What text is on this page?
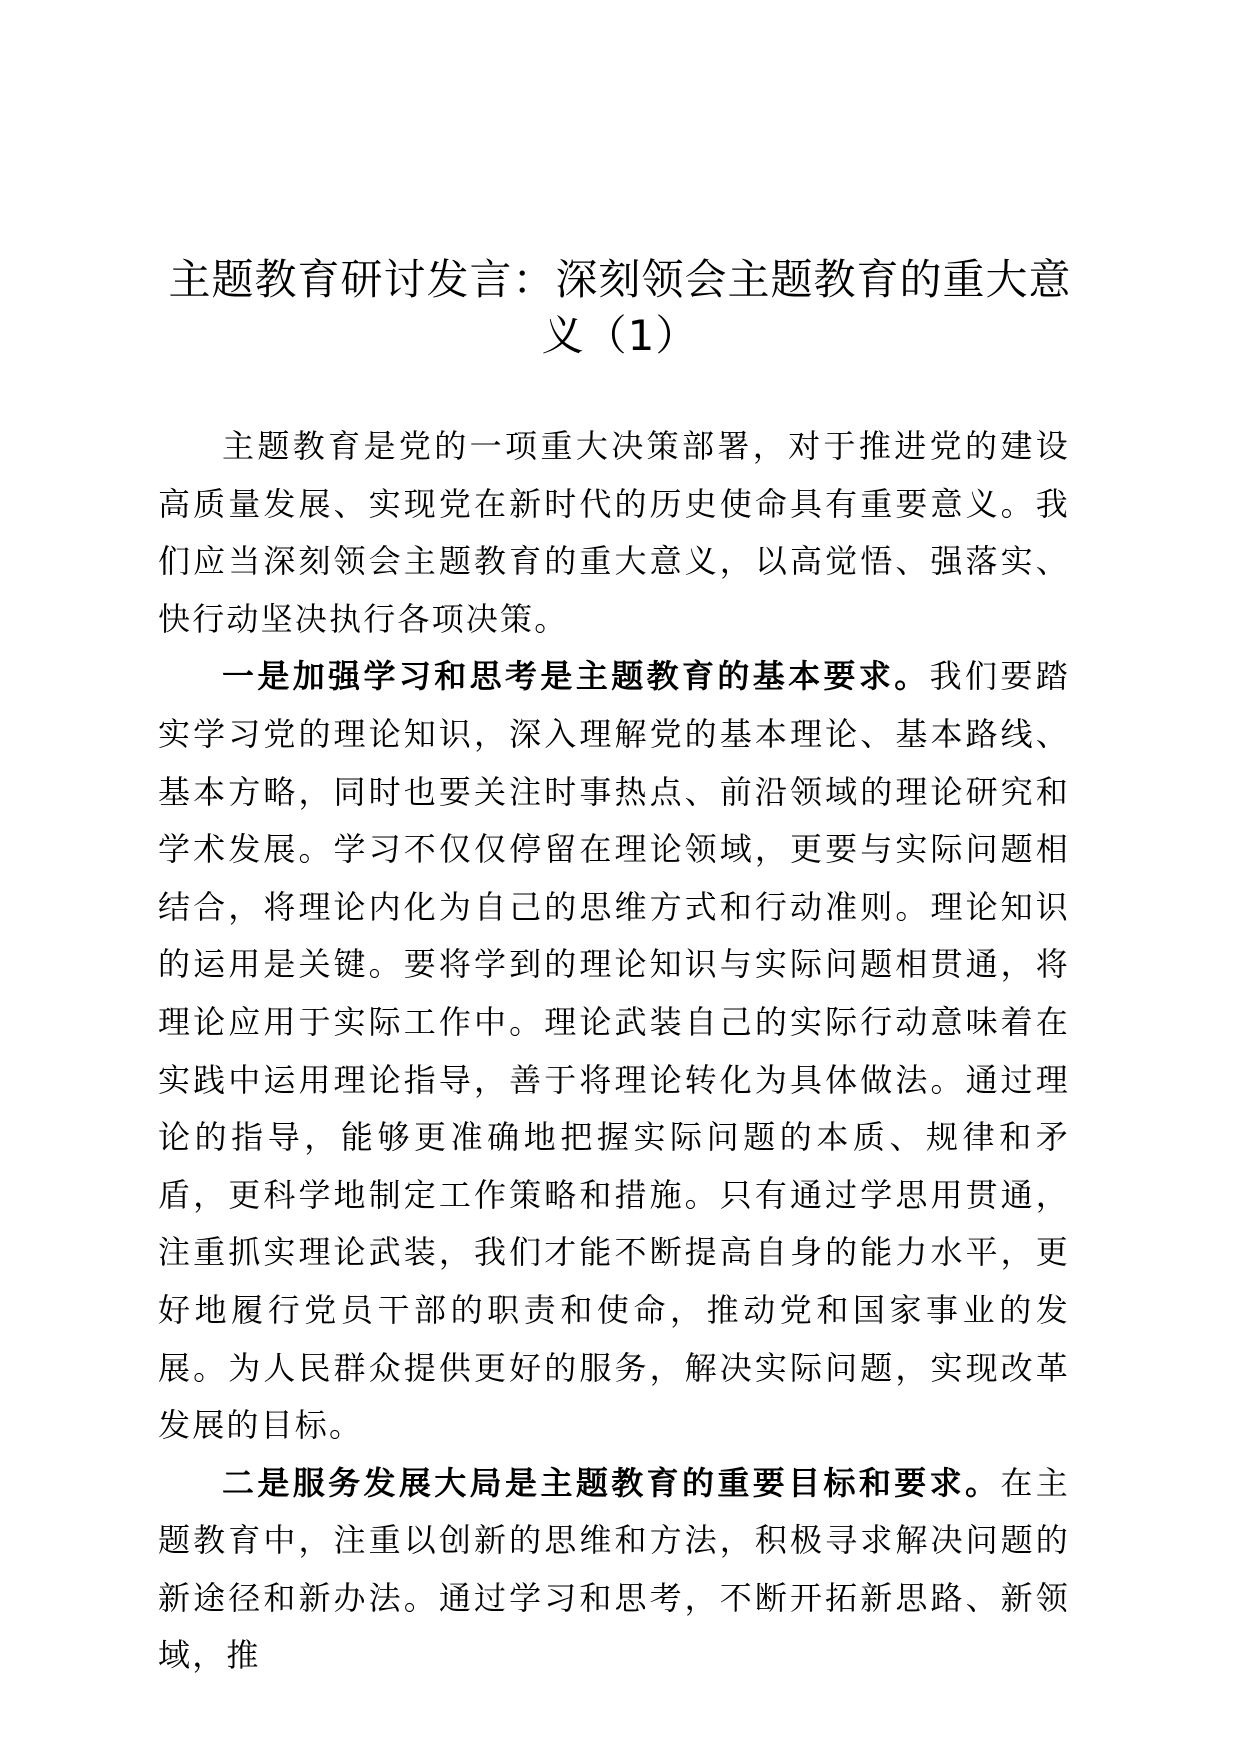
主题教育研讨发言：深刻领会主题教育的重大意义（1）

主题教育是党的一项重大决策部署，对于推进党的建设高质量发展、实现党在新时代的历史使命具有重要意义。我们应当深刻领会主题教育的重大意义，以高觉悟、强落实、快行动坚决执行各项决策。

一是加强学习和思考是主题教育的基本要求。我们要踏实学习党的理论知识，深入理解党的基本理论、基本路线、基本方略，同时也要关注时事热点、前沿领域的理论研究和学术发展。学习不仅仅停留在理论领域，更要与实际问题相结合，将理论内化为自己的思维方式和行动准则。理论知识的运用是关键。要将学到的理论知识与实际问题相贯通，将理论应用于实际工作中。理论武装自己的实际行动意味着在实践中运用理论指导，善于将理论转化为具体做法。通过理论的指导，能够更准确地把握实际问题的本质、规律和矛盾，更科学地制定工作策略和措施。只有通过学思用贯通，注重抓实理论武装，我们才能不断提高自身的能力水平，更好地履行党员干部的职责和使命，推动党和国家事业的发展。为人民群众提供更好的服务，解决实际问题，实现改革发展的目标。

二是服务发展大局是主题教育的重要目标和要求。在主题教育中，注重以创新的思维和方法，积极寻求解决问题的新途径和新办法。通过学习和思考，不断开拓新思路、新领域，推
